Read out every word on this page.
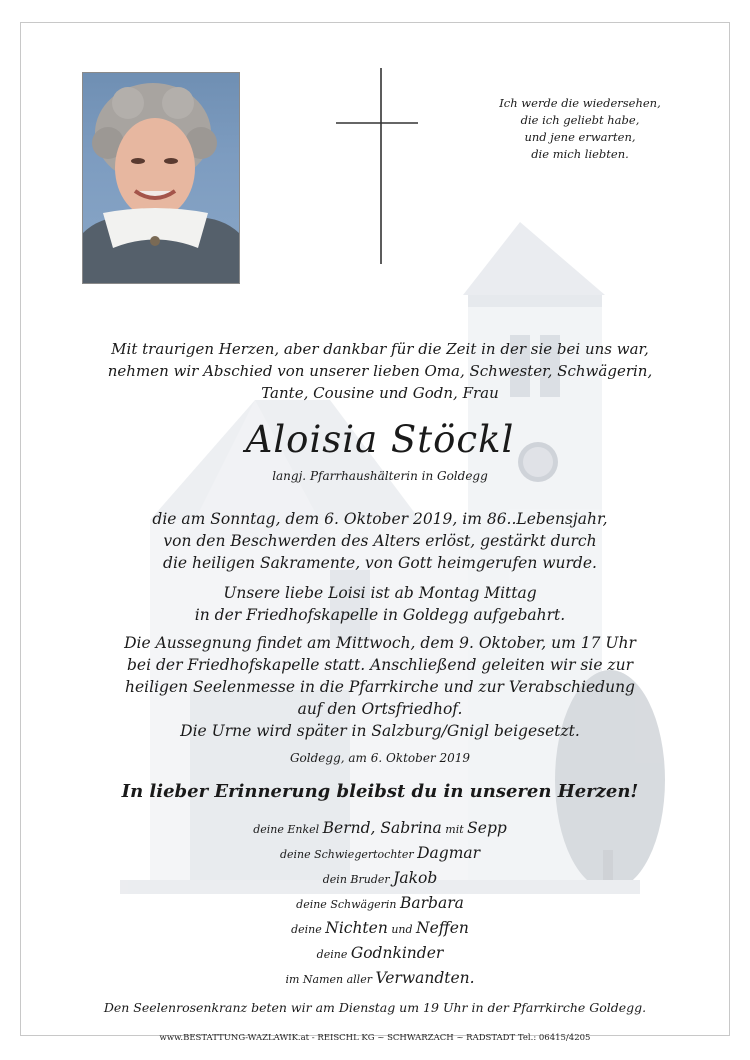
Ich werde die wiedersehen,
die ich geliebt habe,
und jene erwarten,
die mich liebten.
Mit traurigen Herzen, aber dankbar für die Zeit in der sie bei uns war,
nehmen wir Abschied von unserer lieben Oma, Schwester, Schwägerin,
Tante, Cousine und Godn, Frau
Aloisia Stöckl
langj. Pfarrhaushälterin in Goldegg
die am Sonntag, dem 6. Oktober 2019, im 86..Lebensjahr,
von den Beschwerden des Alters erlöst, gestärkt durch
die heiligen Sakramente, von Gott heimgerufen wurde.
Unsere liebe Loisi ist ab Montag Mittag
in der Friedhofskapelle in Goldegg aufgebahrt.
Die Aussegnung findet am Mittwoch, dem 9. Oktober, um 17 Uhr
bei der Friedhofskapelle statt. Anschließend geleiten wir sie zur
heiligen Seelenmesse in die Pfarrkirche und zur Verabschiedung
auf den Ortsfriedhof.
Die Urne wird später in Salzburg/Gnigl beigesetzt.
Goldegg, am 6. Oktober 2019
In lieber Erinnerung bleibst du in unseren Herzen!
deine Enkel Bernd, Sabrina mit Sepp
deine Schwiegertochter Dagmar
dein Bruder Jakob
deine Schwägerin Barbara
deine Nichten und Neffen
deine Godnkinder
im Namen aller Verwandten.
Den Seelenrosenkranz beten wir am Dienstag um 19 Uhr in der Pfarrkirche Goldegg.
www.BESTATTUNG-WAZLAWIK.at - REISCHL KG ~ SCHWARZACH ~ RADSTADT Tel.: 06415/4205
